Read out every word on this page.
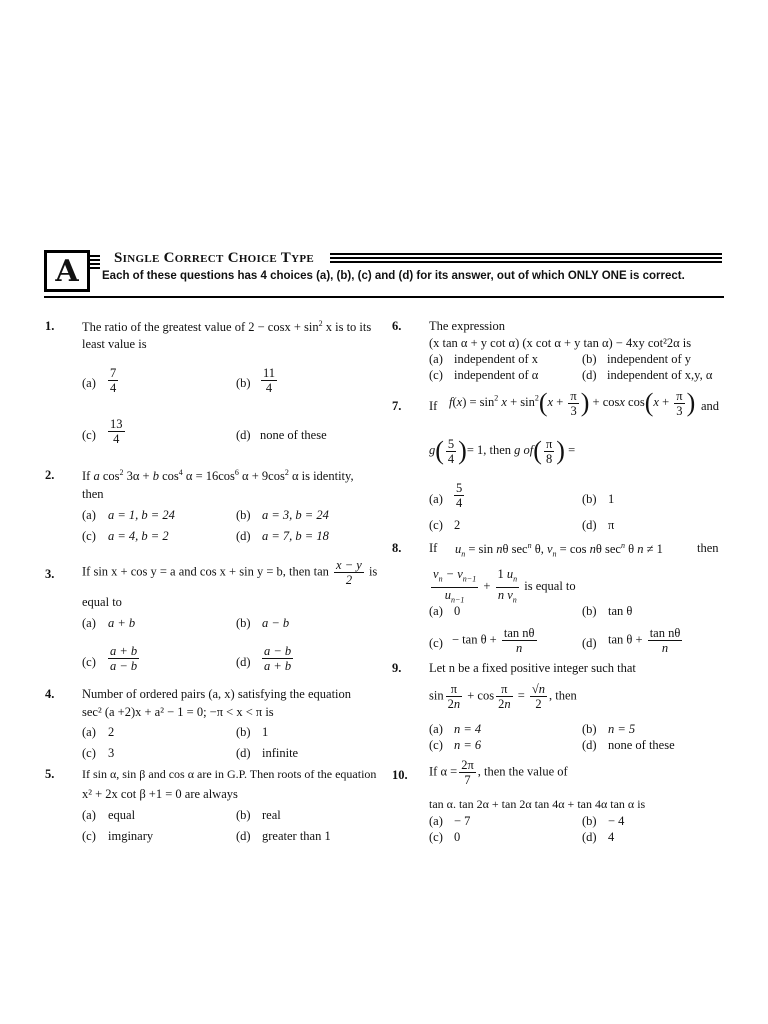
A	Single Correct Choice Type
Each of these questions has 4 choices (a), (b), (c) and (d) for its answer, out of which ONLY ONE is correct.
1. The ratio of the greatest value of $2 - \cos x + \sin^2 x$ is to its
least value is
$(a) \frac{7}{4}$	$(b) \frac{11}{4}$
$(c) \frac{13}{4}$	(d) none of these
2. If a $\cos^2 3\alpha + b$ $\cos^4 \alpha = 16\cos^6$ $\alpha + 9\cos^2$ α is identity,
then
(a) a = 1, b = 24	(b) a = 3, b = 24
(c) a = 4, b = 2	(d) a = 7, b = 18
3. If sin x + cos y = a and cos x + sin y = b, then $\tan \frac{x - y}{2}$ is
equal to
(a) a + b	(b) a − b
$(c) \frac{a + b}{a - b}$	$(d) \frac{a - b}{a + b}$
4. Number of ordered pairs (a, x) satisfying the equation
sec² (a +2)x + a² − 1 = 0; −π < x < π is
(a) 2	(b) 1
(c) 3	(d) infinite
5. If sin α, sin β and cos α are in G.P. Then roots of the equation
x² + 2x cot β +1 = 0 are always
(a) equal	(b) real
(c) imginary	(d) greater than 1
6. The expression
(x tan α + y cot α) (x cot α + y tan α) − 4xy cot²2α is
(a) independent of x	(b) independent of y
(c) independent of α	(d) independent of x,y, α
7. If $f(x) = \sin^2 x + \sin^2(x + \frac{\pi}{3}$ ) + cosx $\cos(x + \frac{\pi}{3}$ ) and
$g( \frac{5}{4}$ )= 1, then g $of( \frac{\pi}{8}$ ) =
$(a) \frac{5}{4}$	(b) 1
(c) 2	(d) π
8. If $u_n = \sin n\theta$ $\sec^n \theta$, $v_n = \cos n\theta$ $\sec^n \theta$ n ≠ 1	then
$\frac{v_n - v_{n-1}}{u_{n-1}} + \frac{1 u_n}{n v_n}$ is equal to
(a) 0	(b) tan θ
$(c) - \tan \theta + \frac{\text{tan nθ}}{n}$	(d) $\tan \theta + \frac{\text{tan nθ}}{n}$
9. Let n be a fixed positive integer such that
$\sin \frac{\pi}{2n} + \cos \frac{\pi}{2n} = \frac{√n}{2}$ , then
(a) n = 4	(b) n = 5
(c) n = 6	(d) none of these
10. If $\alpha = \frac{2\pi}{7}$ , then the value of
tan α. tan 2α + tan 2α tan 4α + tan 4α tan α is
(a) − 7	(b) − 4
(c) 0	(d) 4
